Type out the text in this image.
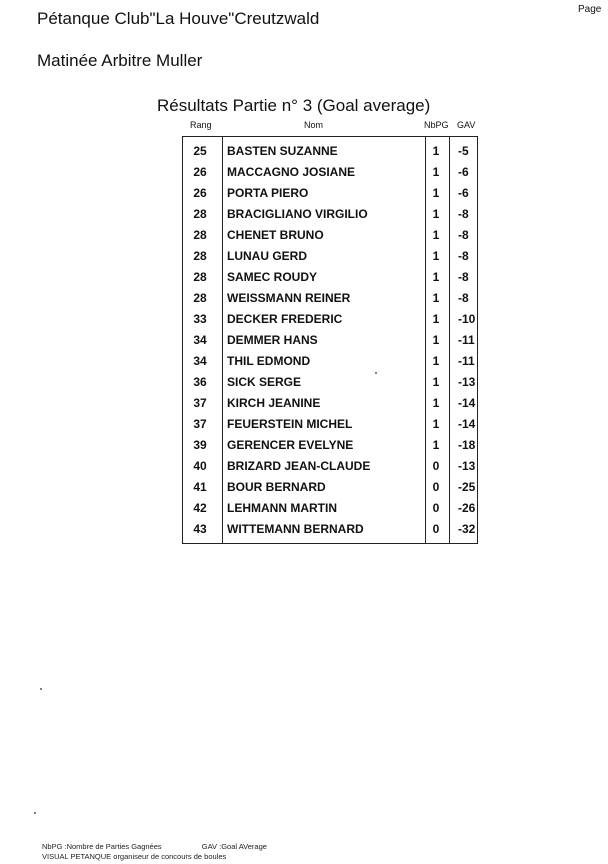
Page
Pétanque Club"La Houve"Creutzwald
Matinée Arbitre Muller
Résultats Partie n° 3 (Goal average)
Rang	Nom	NbPG GAV
25	BASTEN SUZANNE	1	-5
26	MACCAGNO JOSIANE	1	-6
26	PORTA PIERO	1	-6
28	BRACIGLIANO VIRGILIO	1	-8
28	CHENET BRUNO	1	-8
28	LUNAU GERD	1	-8
28	SAMEC ROUDY	1	-8
28	WEISSMANN REINER	1	-8
33	DECKER FREDERIC	1	-10
34	DEMMER HANS	1	-11
34	THIL EDMOND	1	-11
36	SICK SERGE	1	-13
37	KIRCH JEANINE	1	-14
37	FEUERSTEIN MICHEL	1	-14
39	GERENCER EVELYNE	1	-18
40	BRIZARD JEAN-CLAUDE	0	-13
41	BOUR BERNARD	0	-25
42	LEHMANN MARTIN	0	-26
43	WITTEMANN BERNARD	0	-32
NbPG :Nombre de Parties Gagnées	GAV :Goal AVerage
VISUAL PETANQUE organiseur de concours de boules
